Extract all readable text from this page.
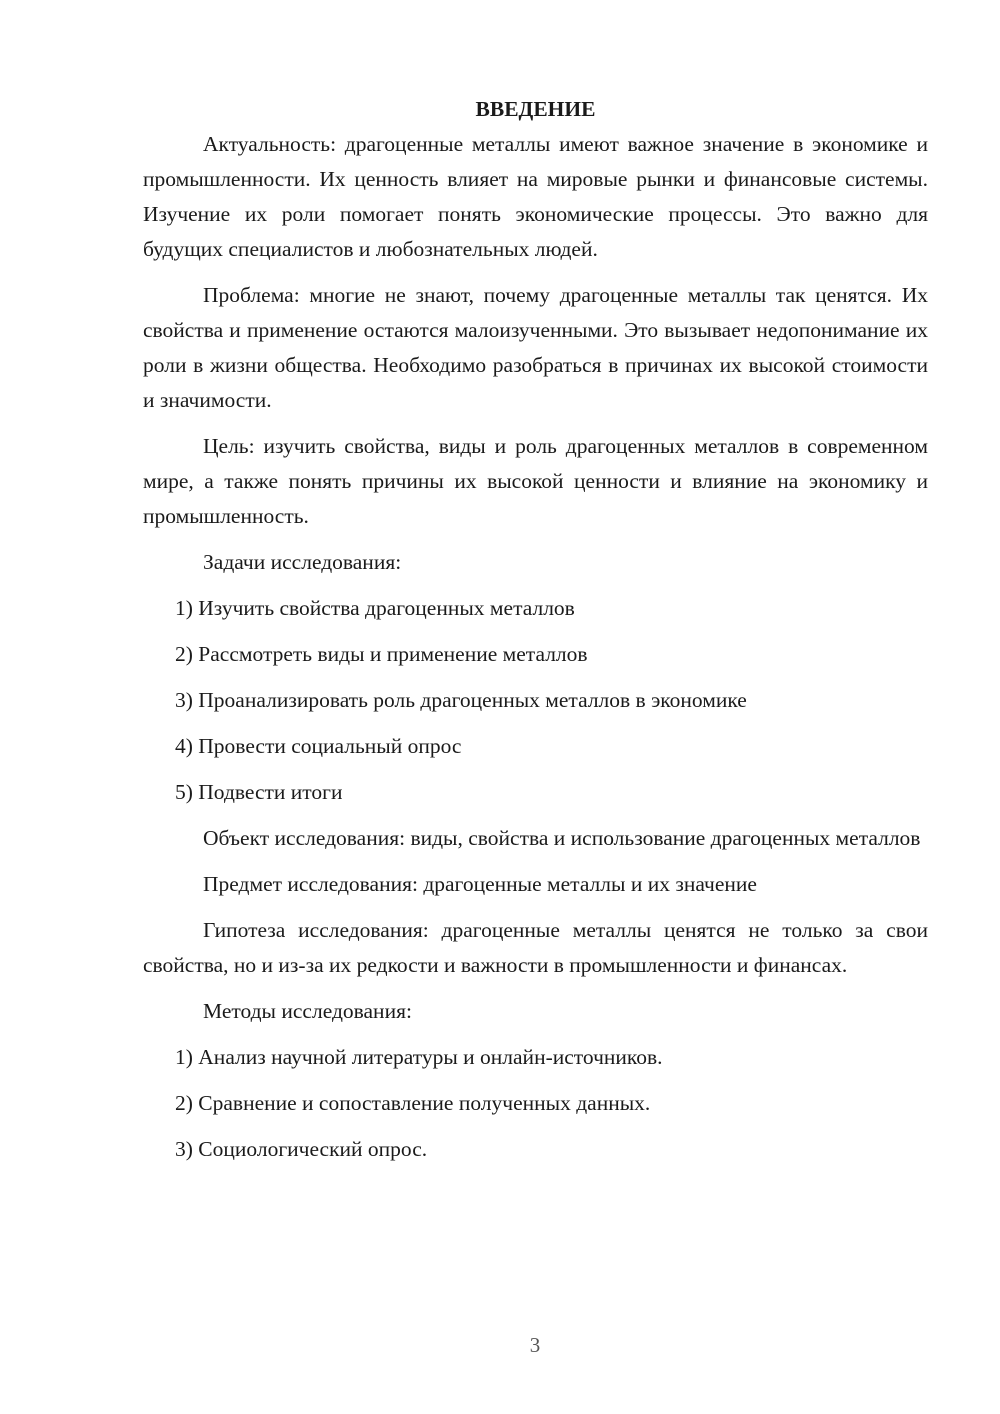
ВВЕДЕНИЕ

Актуальность: драгоценные металлы имеют важное значение в экономике и промышленности. Их ценность влияет на мировые рынки и финансовые системы. Изучение их роли помогает понять экономические процессы. Это важно для будущих специалистов и любознательных людей.

Проблема: многие не знают, почему драгоценные металлы так ценятся. Их свойства и применение остаются малоизученными. Это вызывает недопонимание их роли в жизни общества. Необходимо разобраться в причинах их высокой стоимости и значимости.

Цель: изучить свойства, виды и роль драгоценных металлов в современном мире, а также понять причины их высокой ценности и влияние на экономику и промышленность.

Задачи исследования:

1) Изучить свойства драгоценных металлов

2) Рассмотреть виды и применение металлов

3) Проанализировать роль драгоценных металлов в экономике

4) Провести социальный опрос

5) Подвести итоги

Объект исследования: виды, свойства и использование драгоценных металлов

Предмет исследования: драгоценные металлы и их значение

Гипотеза исследования: драгоценные металлы ценятся не только за свои свойства, но и из-за их редкости и важности в промышленности и финансах.

Методы исследования:

1) Анализ научной литературы и онлайн-источников.

2) Сравнение и сопоставление полученных данных.

3) Социологический опрос.

3
